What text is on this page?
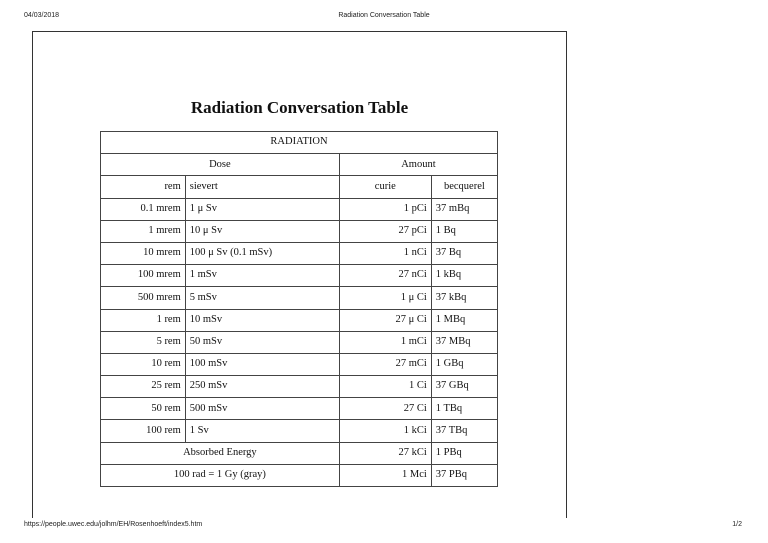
04/03/2018	Radiation Conversation Table
Radiation Conversation Table
RADIATION			
Dose		Amount	
rem	sievert	curie	becquerel
0.1 mrem	1 μ Sv	1 pCi	37 mBq
1 mrem	10 μ Sv	27 pCi	1 Bq
10 mrem	100 μ Sv (0.1 mSv)	1 nCi	37 Bq
100 mrem	1 mSv	27 nCi	1 kBq
500 mrem	5 mSv	1 μ Ci	37 kBq
1 rem	10 mSv	27 μ Ci	1 MBq
5 rem	50 mSv	1 mCi	37 MBq
10 rem	100 mSv	27 mCi	1 GBq
25 rem	250 mSv	1 Ci	37 GBq
50 rem	500 mSv	27 Ci	1 TBq
100 rem	1 Sv	1 kCi	37 TBq
Absorbed Energy		27 kCi	1 PBq
100 rad = 1 Gy (gray)		1 Mci	37 PBq
https://people.uwec.edu/jolhm/EH/Rosenhoeft/index5.htm	1/2
